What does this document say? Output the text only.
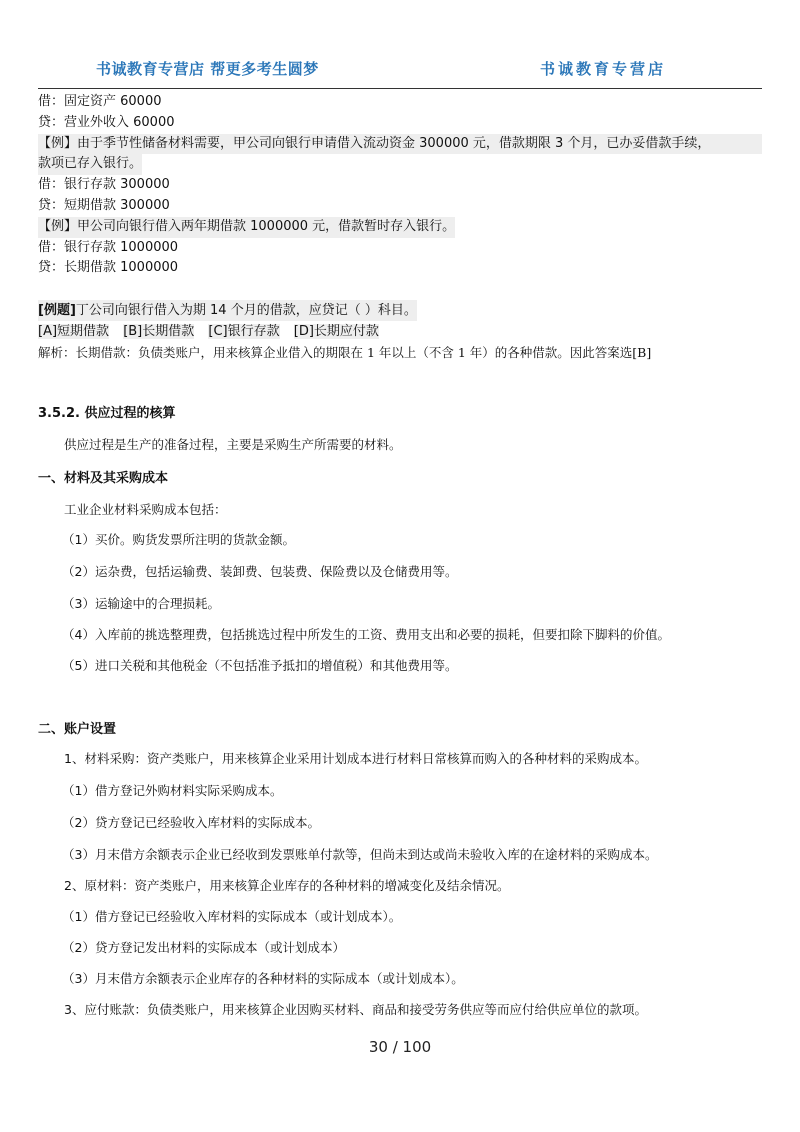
书诚教育专营店 帮更多考生圆梦	书诚教育专营店
借：固定资产 60000
贷：营业外收入 60000
【例】由于季节性储备材料需要，甲公司向银行申请借入流动资金 300000 元，借款期限 3 个月，已办妥借款手续，
款项已存入银行。
借：银行存款 300000
贷：短期借款 300000
【例】甲公司向银行借入两年期借款 1000000 元，借款暂时存入银行。
借：银行存款 1000000
贷：长期借款 1000000
[例题]丁公司向银行借入为期 14 个月的借款，应贷记（ ）科目。
[A]短期借款 [B]长期借款 [C]银行存款 [D]长期应付款
解析：长期借款：负债类账户，用来核算企业借入的期限在 1 年以上（不含 1 年）的各种借款。因此答案选[B]
3.5.2. 供应过程的核算
供应过程是生产的准备过程，主要是采购生产所需要的材料。
一、材料及其采购成本
工业企业材料采购成本包括：
（1）买价。购货发票所注明的货款金额。
（2）运杂费，包括运输费、装卸费、包装费、保险费以及仓储费用等。
（3）运输途中的合理损耗。
（4）入库前的挑选整理费，包括挑选过程中所发生的工资、费用支出和必要的损耗，但要扣除下脚料的价值。
（5）进口关税和其他税金（不包括准予抵扣的增值税）和其他费用等。
二、账户设置
1、材料采购：资产类账户，用来核算企业采用计划成本进行材料日常核算而购入的各种材料的采购成本。
（1）借方登记外购材料实际采购成本。
（2）贷方登记已经验收入库材料的实际成本。
（3）月末借方余额表示企业已经收到发票账单付款等，但尚未到达或尚未验收入库的在途材料的采购成本。
2、原材料：资产类账户，用来核算企业库存的各种材料的增减变化及结余情况。
（1）借方登记已经验收入库材料的实际成本（或计划成本）。
（2）贷方登记发出材料的实际成本（或计划成本）
（3）月末借方余额表示企业库存的各种材料的实际成本（或计划成本）。
3、应付账款：负债类账户，用来核算企业因购买材料、商品和接受劳务供应等而应付给供应单位的款项。
30 / 100
